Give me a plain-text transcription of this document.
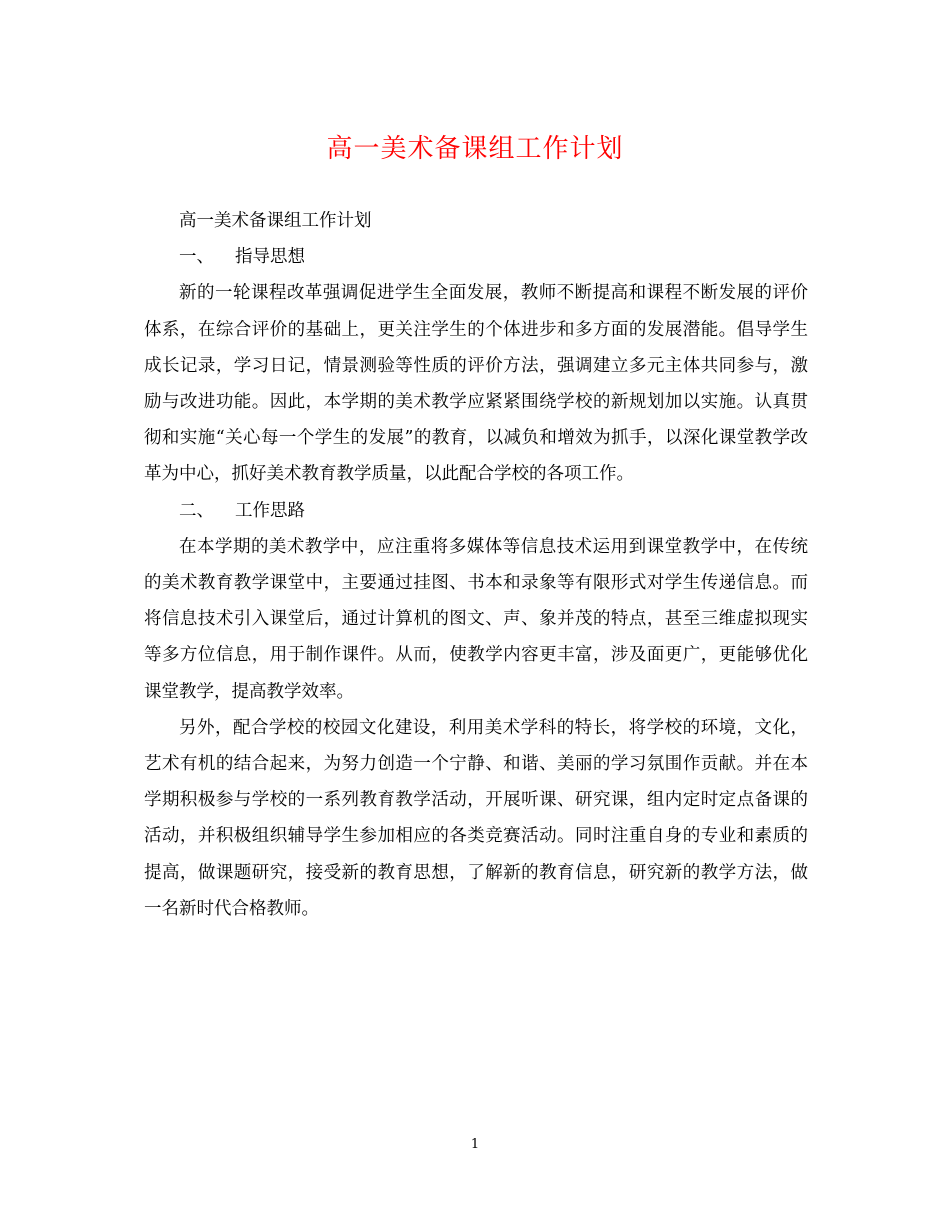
高一美术备课组工作计划

高一美术备课组工作计划

一、 指导思想

新的一轮课程改革强调促进学生全面发展，教师不断提高和课程不断发展的评价体系，在综合评价的基础上，更关注学生的个体进步和多方面的发展潜能。倡导学生成长记录，学习日记，情景测验等性质的评价方法，强调建立多元主体共同参与，激励与改进功能。因此，本学期的美术教学应紧紧围绕学校的新规划加以实施。认真贯彻和实施“关心每一个学生的发展”的教育，以减负和增效为抓手，以深化课堂教学改革为中心，抓好美术教育教学质量，以此配合学校的各项工作。

二、 工作思路

在本学期的美术教学中，应注重将多媒体等信息技术运用到课堂教学中，在传统的美术教育教学课堂中，主要通过挂图、书本和录象等有限形式对学生传递信息。而将信息技术引入课堂后，通过计算机的图文、声、象并茂的特点，甚至三维虚拟现实等多方位信息，用于制作课件。从而，使教学内容更丰富，涉及面更广，更能够优化课堂教学，提高教学效率。

另外，配合学校的校园文化建设，利用美术学科的特长，将学校的环境，文化，艺术有机的结合起来，为努力创造一个宁静、和谐、美丽的学习氛围作贡献。并在本学期积极参与学校的一系列教育教学活动，开展听课、研究课，组内定时定点备课的活动，并积极组织辅导学生参加相应的各类竞赛活动。同时注重自身的专业和素质的提高，做课题研究，接受新的教育思想，了解新的教育信息，研究新的教学方法，做一名新时代合格教师。

1
